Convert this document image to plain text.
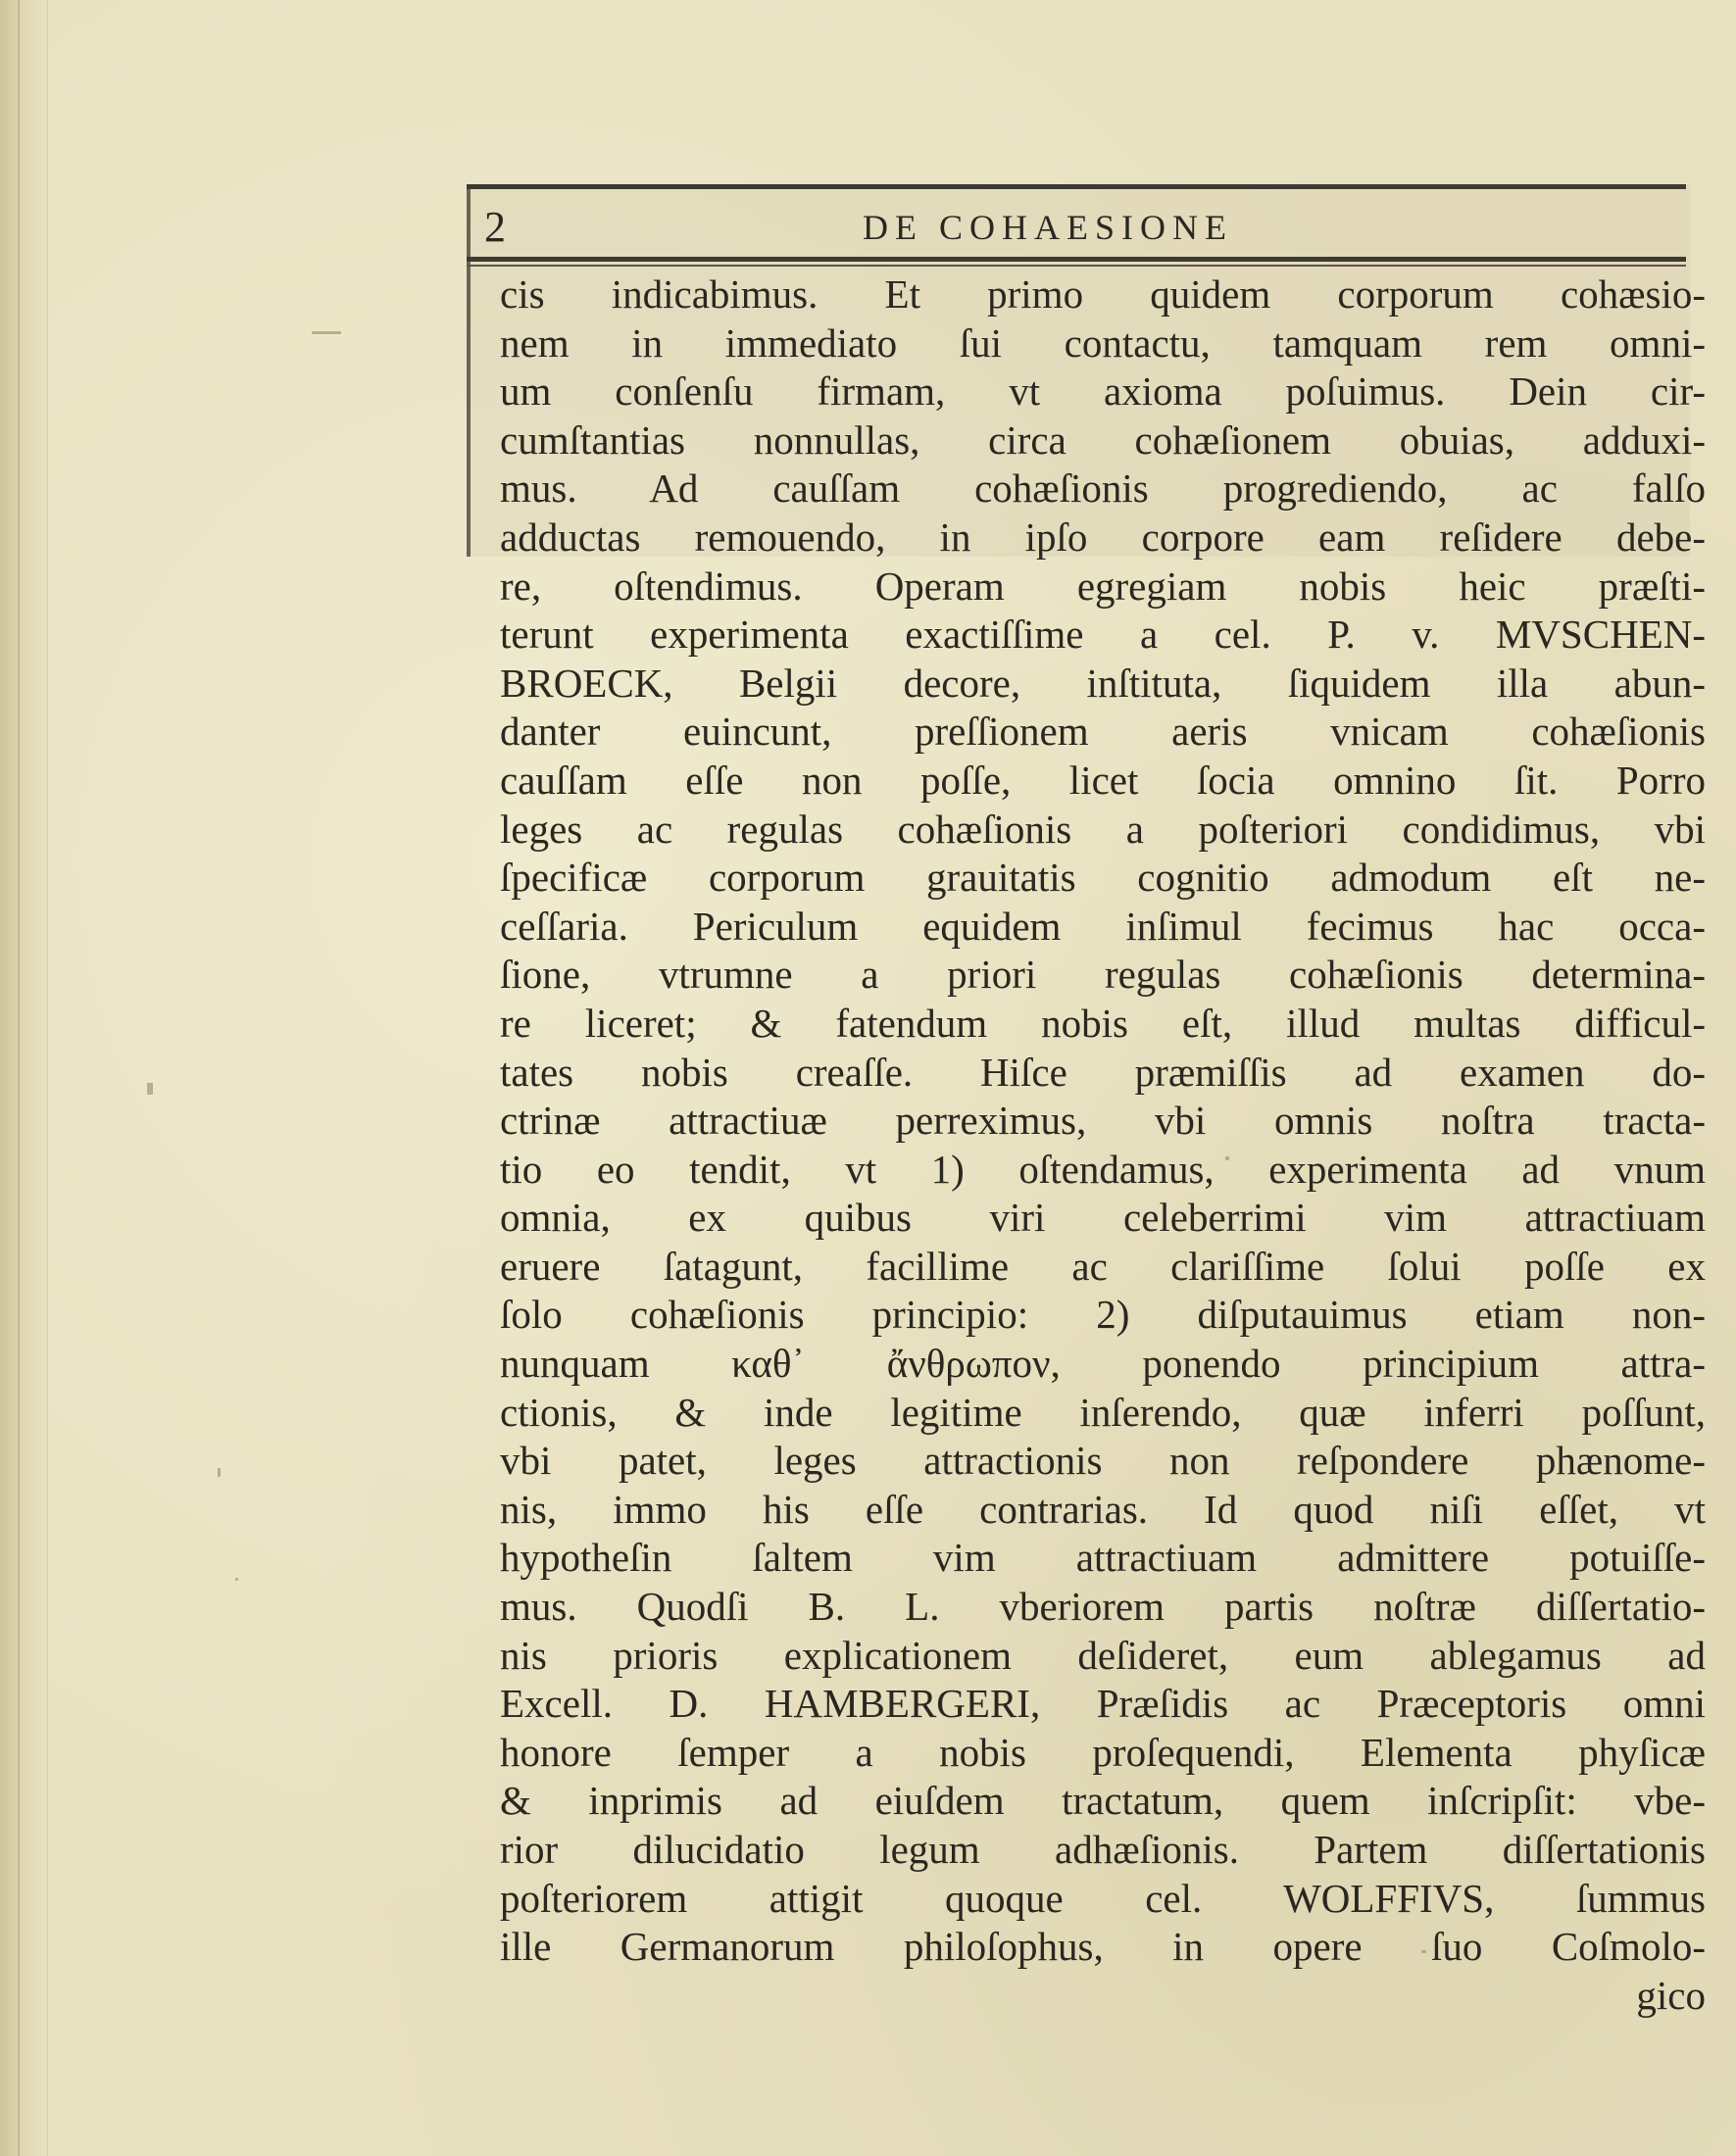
2	DE COHAESIONE
cis indicabimus. Et primo quidem corporum cohæsio-
nem in immediato ſui contactu, tamquam rem omni-
um conſenſu firmam, vt axioma poſuimus. Dein cir-
cumſtantias nonnullas, circa cohæſionem obuias, adduxi-
mus. Ad cauſſam cohæſionis progrediendo, ac falſo
adductas remouendo, in ipſo corpore eam reſidere debe-
re, oſtendimus. Operam egregiam nobis heic præſti-
terunt experimenta exactiſſime a cel. P. v. MVSCHEN-
BROECK, Belgii decore, inſtituta, ſiquidem illa abun-
danter euincunt, preſſionem aeris vnicam cohæſionis
cauſſam eſſe non poſſe, licet ſocia omnino ſit. Porro
leges ac regulas cohæſionis a poſteriori condidimus, vbi
ſpecificæ corporum grauitatis cognitio admodum eſt ne-
ceſſaria. Periculum equidem inſimul fecimus hac occa-
ſione, vtrumne a priori regulas cohæſionis determina-
re liceret; & fatendum nobis eſt, illud multas difficul-
tates nobis creaſſe. Hiſce præmiſſis ad examen do-
ctrinæ attractiuæ perreximus, vbi omnis noſtra tracta-
tio eo tendit, vt 1) oſtendamus, experimenta ad vnum
omnia, ex quibus viri celeberrimi vim attractiuam
eruere ſatagunt, facillime ac clariſſime ſolui poſſe ex
ſolo cohæſionis principio: 2) diſputauimus etiam non-
nunquam καθ᾽ ἄνθρωπον, ponendo principium attra-
ctionis, & inde legitime inſerendo, quæ inferri poſſunt,
vbi patet, leges attractionis non reſpondere phænome-
nis, immo his eſſe contrarias. Id quod niſi eſſet, vt
hypotheſin ſaltem vim attractiuam admittere potuiſſe-
mus. Quodſi B. L. vberiorem partis noſtræ diſſertatio-
nis prioris explicationem deſideret, eum ablegamus ad
Excell. D. HAMBERGERI, Præſidis ac Præceptoris omni
honore ſemper a nobis proſequendi, Elementa phyſicæ
& inprimis ad eiuſdem tractatum, quem inſcripſit: vbe-
rior dilucidatio legum adhæſionis. Partem diſſertationis
poſteriorem attigit quoque cel. WOLFFIVS, ſummus
ille Germanorum philoſophus, in opere ſuo Coſmolo-
gico
